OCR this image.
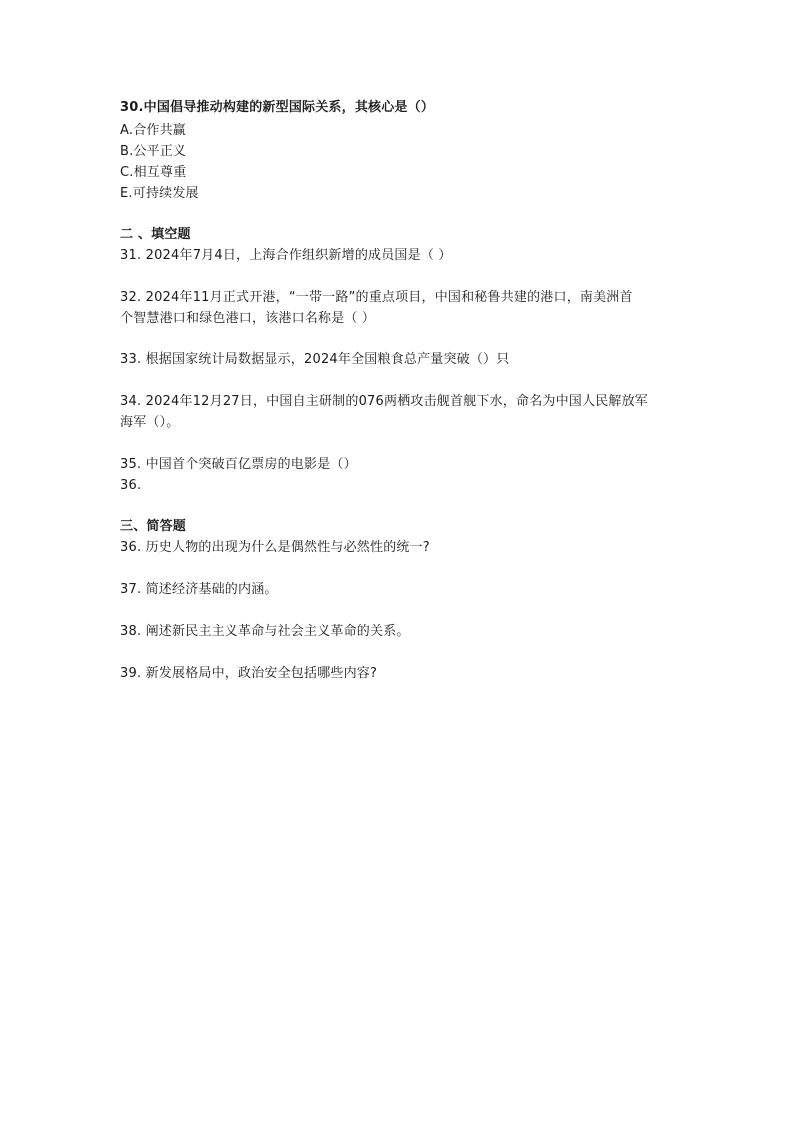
30.中国倡导推动构建的新型国际关系，其核心是（）
A.合作共赢
B.公平正义
C.相互尊重
E.可持续发展
二 、填空题
31. 2024年7月4日，上海合作组织新增的成员国是（ ）
32. 2024年11月正式开港，“一带一路”的重点项目，中国和秘鲁共建的港口，南美洲首
个智慧港口和绿色港口，该港口名称是（ ）
33. 根据国家统计局数据显示，2024年全国粮食总产量突破（）只
34. 2024年12月27日，中国自主研制的076两栖攻击舰首舰下水，命名为中国人民解放军
海军（）。
35. 中国首个突破百亿票房的电影是（）
36.
三、简答题
36. 历史人物的出现为什么是偶然性与必然性的统一?
37. 简述经济基础的内涵。
38. 阐述新民主主义革命与社会主义革命的关系。
39. 新发展格局中，政治安全包括哪些内容?
